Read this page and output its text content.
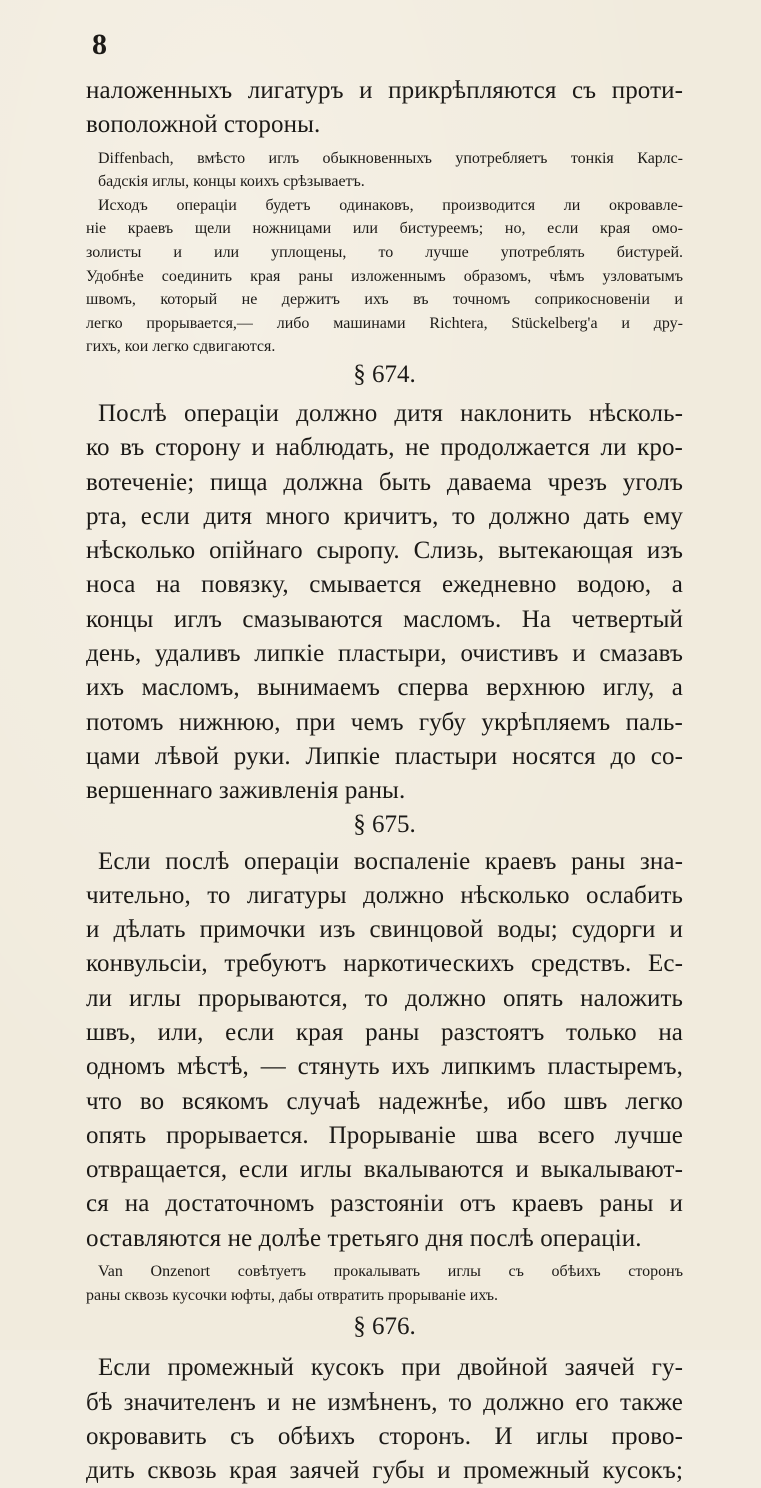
8
наложенныхъ лигатуръ и прикрѣпляются съ проти-
воположной стороны.
Diffenbach, вмѣсто иглъ обыкновенныхъ употребляетъ тонкія Карлс-
бадскія иглы, концы коихъ срѣзываетъ.
Исходъ операціи будетъ одинаковъ, производится ли окровавле-
ніе краевъ щели ножницами или бистуреемъ; но, если края омо-
золисты и или уплощены, то лучше употреблять бистурей.
Удобнѣе соединить края раны изложеннымъ образомъ, чѣмъ узловатымъ
швомъ, который не держитъ ихъ въ точномъ соприкосновеніи и
легко прорывается,— либо машинами Richtera, Stückelberg'a и дру-
гихъ, кои легко сдвигаются.
§ 674.
Послѣ операціи должно дитя наклонить нѣсколь-
ко въ сторону и наблюдать, не продолжается ли кро-
вотеченіе; пища должна быть даваема чрезъ уголъ
рта, если дитя много кричитъ, то должно дать ему
нѣсколько опійнаго сыропу. Слизь, вытекающая изъ
носа на повязку, смывается ежедневно водою, а
концы иглъ смазываются масломъ. На четвертый
день, удаливъ липкіе пластыри, очистивъ и смазавъ
ихъ масломъ, вынимаемъ сперва верхнюю иглу, а
потомъ нижнюю, при чемъ губу укрѣпляемъ паль-
цами лѣвой руки. Липкіе пластыри носятся до со-
вершеннаго заживленія раны.
§ 675.
Если послѣ операціи воспаленіе краевъ раны зна-
чительно, то лигатуры должно нѣсколько ослабить
и дѣлать примочки изъ свинцовой воды; судорги и
конвульсіи, требуютъ наркотическихъ средствъ. Ес-
ли иглы прорываются, то должно опять наложить
швъ, или, если края раны разстоятъ только на
одномъ мѣстѣ, — стянуть ихъ липкимъ пластыремъ,
что во всякомъ случаѣ надежнѣе, ибо швъ легко
опять прорывается. Прорываніе шва всего лучше
отвращается, если иглы вкалываются и выкалывают-
ся на достаточномъ разстояніи отъ краевъ раны и
оставляются не долѣе третьяго дня послѣ операціи.
Van Onzenort совѣтуетъ прокалывать иглы съ обѣихъ сторонъ
раны сквозь кусочки юфты, дабы отвратить прорываніе ихъ.
§ 676.
Если промежный кусокъ при двойной заячей гу-
бѣ значителенъ и не измѣненъ, то должно его также
окровавить съ обѣихъ сторонъ. И иглы прово-
дить сквозь края заячей губы и промежный кусокъ;
